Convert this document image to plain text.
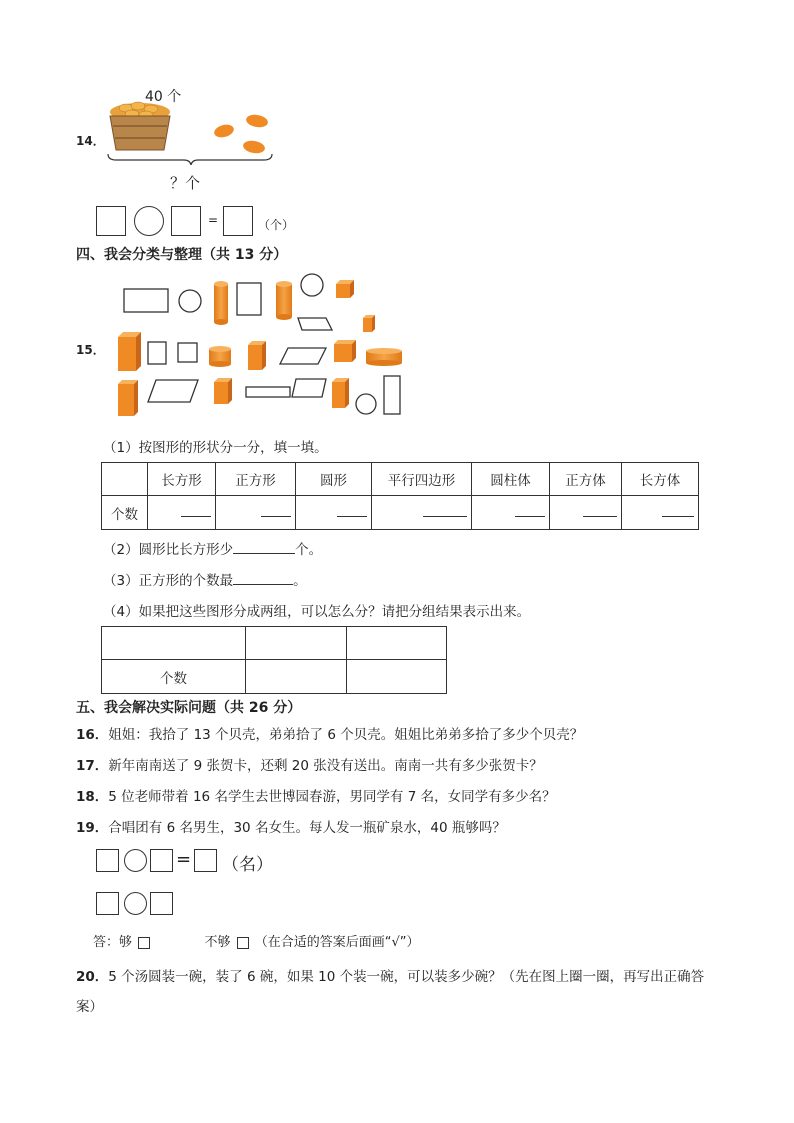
40 个
14．
？个
=	（个）
四、我会分类与整理（共 13 分）
15．
（1）按图形的形状分一分，填一填。
	长方形	正方形	圆形	平行四边形	圆柱体	正方体	长方体
个数							
（2）圆形比长方形少	个。
（3）正方形的个数最	。
（4）如果把这些图形分成两组，可以怎么分？请把分组结果表示出来。

个数		
五、我会解决实际问题（共 26 分）
16．姐姐：我拾了 13 个贝壳，弟弟拾了 6 个贝壳。姐姐比弟弟多拾了多少个贝壳？
17．新年南南送了 9 张贺卡，还剩 20 张没有送出。南南一共有多少张贺卡？
18．5 位老师带着 16 名学生去世博园春游，男同学有 7 名，女同学有多少名？
19．合唱团有 6 名男生，30 名女生。每人发一瓶矿泉水，40 瓶够吗？
= （名）
答：够	不够 （在合适的答案后面画“√”）
20．5 个汤圆装一碗，装了 6 碗，如果 10 个装一碗，可以装多少碗？（先在图上圈一圈，再写出正确答
案）
